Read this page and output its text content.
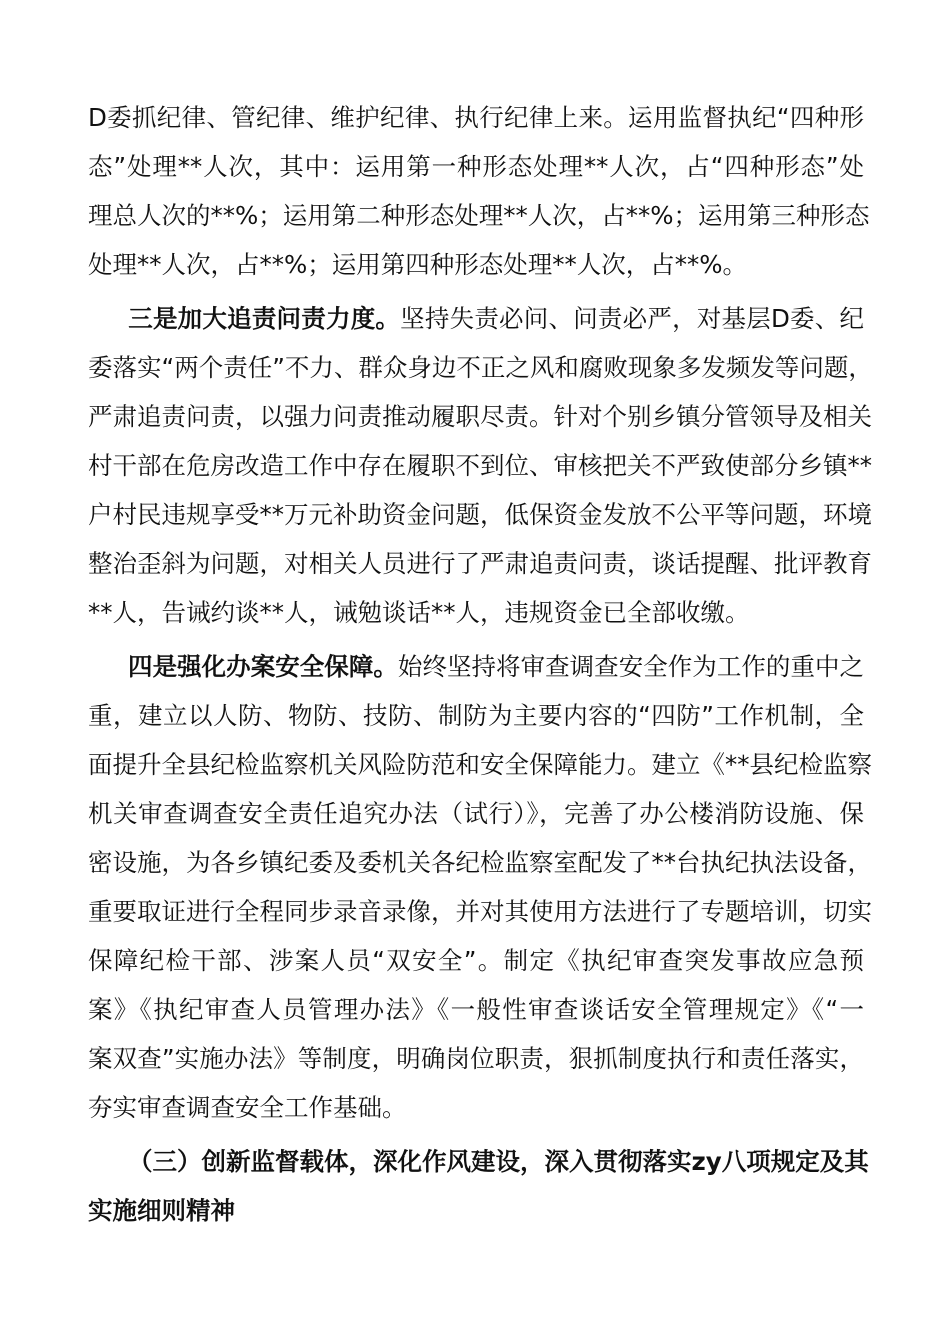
D委抓纪律、管纪律、维护纪律、执行纪律上来。运用监督执纪“四种形
态”处理**人次，其中：运用第一种形态处理**人次，占“四种形态”处
理总人次的**%；运用第二种形态处理**人次，占**%；运用第三种形态
处理**人次，占**%；运用第四种形态处理**人次，占**%。
三是加大追责问责力度。坚持失责必问、问责必严，对基层D委、纪
委落实“两个责任”不力、群众身边不正之风和腐败现象多发频发等问题，
严肃追责问责，以强力问责推动履职尽责。针对个别乡镇分管领导及相关
村干部在危房改造工作中存在履职不到位、审核把关不严致使部分乡镇**
户村民违规享受**万元补助资金问题，低保资金发放不公平等问题，环境
整治歪斜为问题，对相关人员进行了严肃追责问责，谈话提醒、批评教育
**人，告诫约谈**人，诫勉谈话**人，违规资金已全部收缴。
四是强化办案安全保障。始终坚持将审查调查安全作为工作的重中之
重，建立以人防、物防、技防、制防为主要内容的“四防”工作机制，全
面提升全县纪检监察机关风险防范和安全保障能力。建立《**县纪检监察
机关审查调查安全责任追究办法（试行）》，完善了办公楼消防设施、保
密设施，为各乡镇纪委及委机关各纪检监察室配发了**台执纪执法设备，
重要取证进行全程同步录音录像，并对其使用方法进行了专题培训，切实
保障纪检干部、涉案人员“双安全”。制定《执纪审查突发事故应急预
案》《执纪审查人员管理办法》《一般性审查谈话安全管理规定》《“一
案双查”实施办法》等制度，明确岗位职责，狠抓制度执行和责任落实，
夯实审查调查安全工作基础。
（三）创新监督载体，深化作风建设，深入贯彻落实zy八项规定及其
实施细则精神
